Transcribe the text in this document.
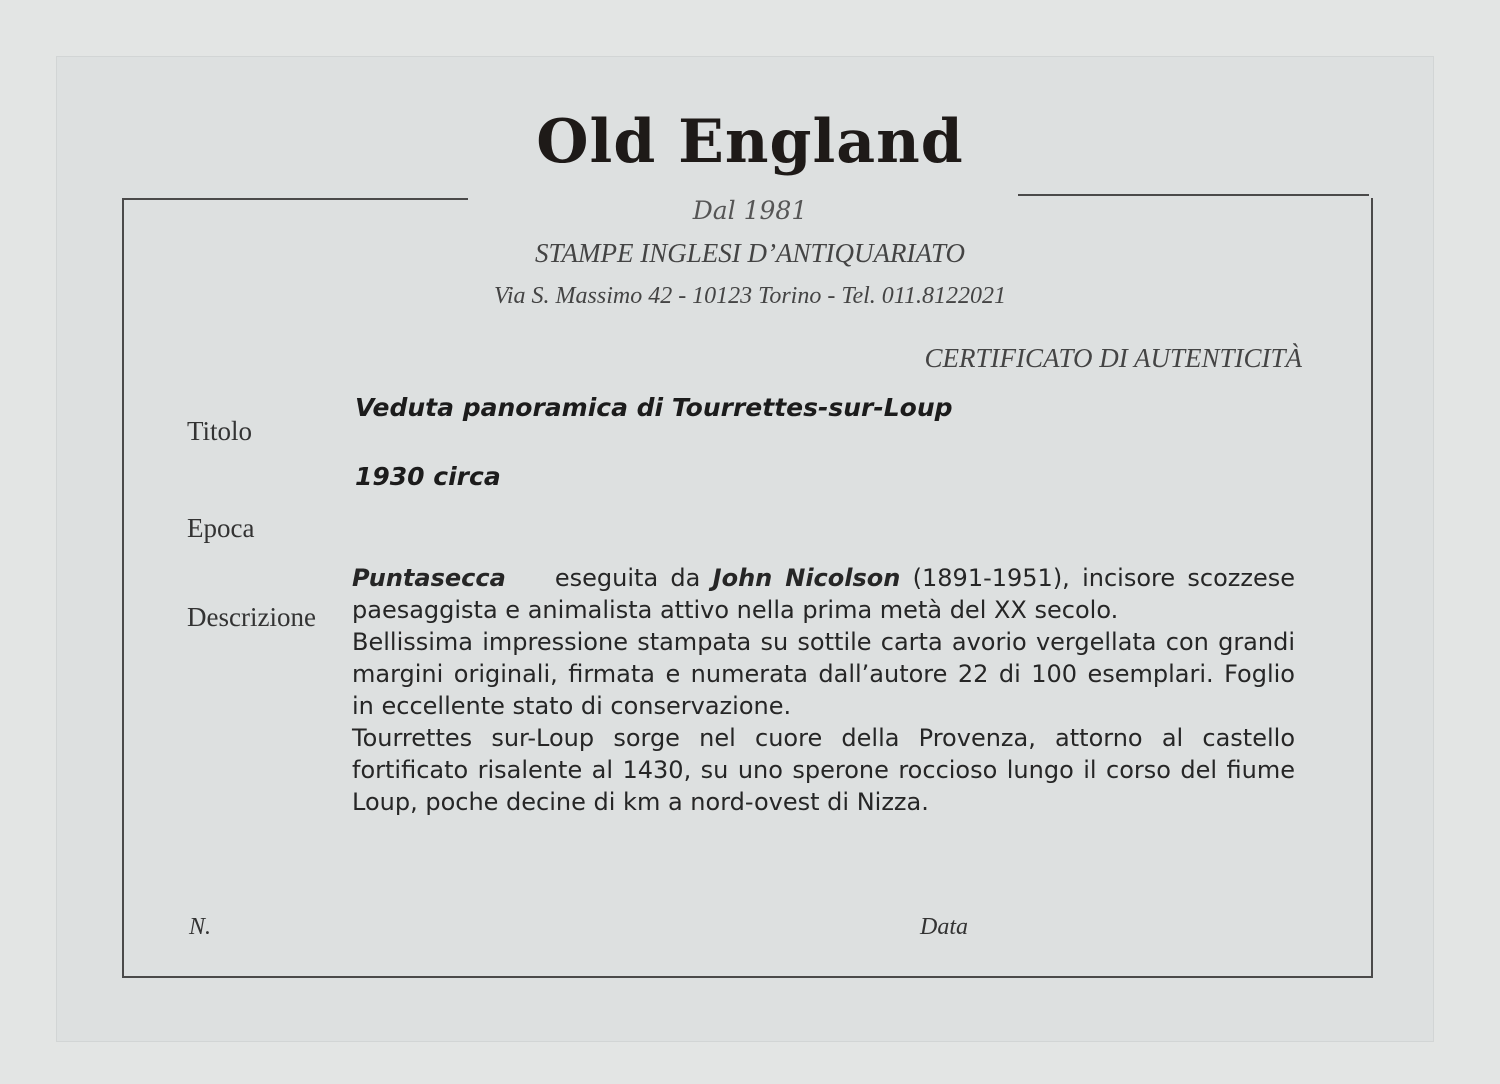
Old England
Dal 1981
STAMPE INGLESI D’ANTIQUARIATO
Via S. Massimo 42 - 10123 Torino - Tel. 011.8122021
CERTIFICATO DI AUTENTICITÀ
Titolo
Veduta panoramica di Tourrettes-sur-Loup
Epoca
1930 circa
Descrizione

Puntasecca eseguita da John Nicolson (1891-1951), incisore scozzese paesaggista e animalista attivo nella prima metà del XX secolo.

Bellissima impressione stampata su sottile carta avorio vergellata con grandi margini originali, firmata e numerata dall’autore 22 di 100 esemplari. Foglio in eccellente stato di conservazione.

Tourrettes sur-Loup sorge nel cuore della Provenza, attorno al castello fortificato risalente al 1430, su uno sperone roccioso lungo il corso del fiume Loup, poche decine di km a nord-ovest di Nizza.

N.	Data
